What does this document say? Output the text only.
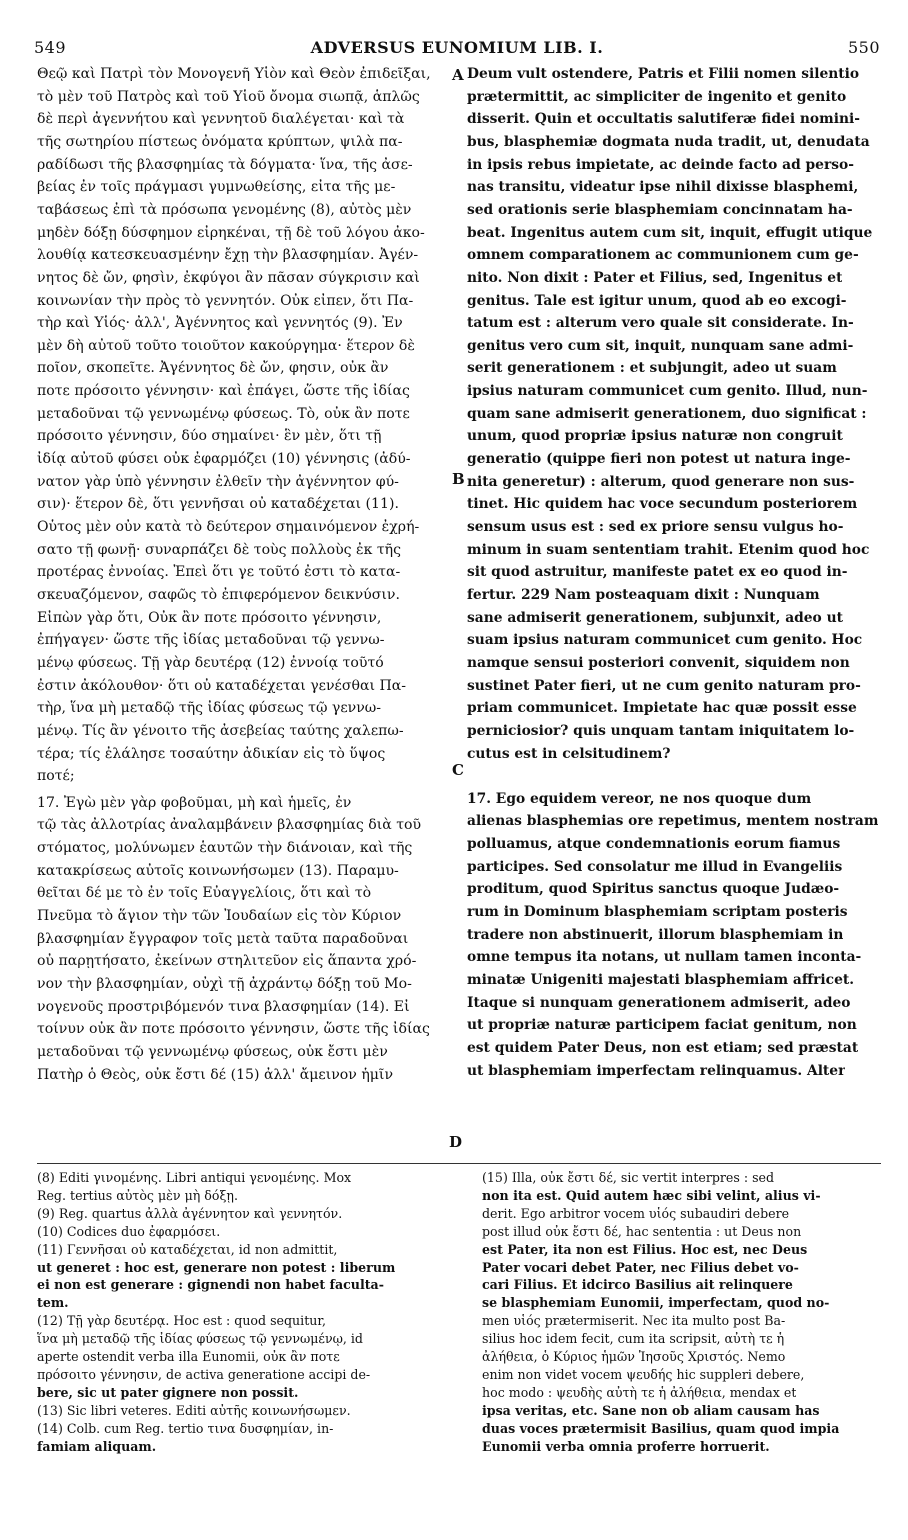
549	ADVERSUS EUNOMIUM LIB. I.	550
Θεῷ καὶ Πατρὶ τὸν Μονογενῆ Υἱὸν καὶ Θεὸν ἐπιδεῖξαι,
τὸ μὲν τοῦ Πατρὸς καὶ τοῦ Υἱοῦ ὄνομα σιωπᾷ, ἁπλῶς
δὲ περὶ ἀγεννήτου καὶ γεννητοῦ διαλέγεται· καὶ τὰ
τῆς σωτηρίου πίστεως ὀνόματα κρύπτων, ψιλὰ πα-
ραδίδωσι τῆς βλασφημίας τὰ δόγματα· ἵνα, τῆς ἀσε-
βείας ἐν τοῖς πράγμασι γυμνωθείσης, εἶτα τῆς με-
ταβάσεως ἐπὶ τὰ πρόσωπα γενομένης (8), αὐτὸς μὲν
μηδὲν δόξῃ δύσφημον εἰρηκέναι, τῇ δὲ τοῦ λόγου ἀκο-
λουθίᾳ κατεσκευασμένην ἔχῃ τὴν βλασφημίαν. Ἀγέν-
νητος δὲ ὤν, φησὶν, ἐκφύγοι ἂν πᾶσαν σύγκρισιν καὶ
κοινωνίαν τὴν πρὸς τὸ γεννητόν. Οὐκ εἶπεν, ὅτι Πα-
τὴρ καὶ Υἱός· ἀλλ', Ἀγέννητος καὶ γεννητός (9). Ἐν
μὲν δὴ αὐτοῦ τοῦτο τοιοῦτον κακούργημα· ἕτερον δὲ
ποῖον, σκοπεῖτε. Ἀγέννητος δὲ ὤν, φησιν, οὐκ ἂν
ποτε πρόσοιτο γέννησιν· καὶ ἐπάγει, ὥστε τῆς ἰδίας
μεταδοῦναι τῷ γεννωμένῳ φύσεως. Τὸ, οὐκ ἂν ποτε
πρόσοιτο γέννησιν, δύο σημαίνει· ἓν μὲν, ὅτι τῇ
ἰδίᾳ αὐτοῦ φύσει οὐκ ἐφαρμόζει (10) γέννησις (ἀδύ-
νατον γὰρ ὑπὸ γέννησιν ἐλθεῖν τὴν ἀγέννητον φύ-
σιν)· ἕτερον δὲ, ὅτι γεννῆσαι οὐ καταδέχεται (11).
Οὗτος μὲν οὖν κατὰ τὸ δεύτερον σημαινόμενον ἐχρή-
σατο τῇ φωνῇ· συναρπάζει δὲ τοὺς πολλοὺς ἐκ τῆς
προτέρας ἐννοίας. Ἐπεὶ ὅτι γε τοῦτό ἐστι τὸ κατα-
σκευαζόμενον, σαφῶς τὸ ἐπιφερόμενον δεικνύσιν.
Εἰπὼν γὰρ ὅτι, Οὐκ ἂν ποτε πρόσοιτο γέννησιν,
ἐπήγαγεν· ὥστε τῆς ἰδίας μεταδοῦναι τῷ γεννω-
μένῳ φύσεως. Τῇ γὰρ δευτέρᾳ (12) ἐννοίᾳ τοῦτό
ἐστιν ἀκόλουθον· ὅτι οὐ καταδέχεται γενέσθαι Πα-
τὴρ, ἵνα μὴ μεταδῷ τῆς ἰδίας φύσεως τῷ γεννω-
μένῳ. Τίς ἂν γένοιτο τῆς ἀσεβείας ταύτης χαλεπω-
τέρα; τίς ἐλάλησε τοσαύτην ἀδικίαν εἰς τὸ ὕψος
ποτέ;
17. Ἐγὼ μὲν γὰρ φοβοῦμαι, μὴ καὶ ἡμεῖς, ἐν
τῷ τὰς ἀλλοτρίας ἀναλαμβάνειν βλασφημίας διὰ τοῦ
στόματος, μολύνωμεν ἑαυτῶν τὴν διάνοιαν, καὶ τῆς
κατακρίσεως αὐτοῖς κοινωνήσωμεν (13). Παραμυ-
θεῖται δέ με τὸ ἐν τοῖς Εὐαγγελίοις, ὅτι καὶ τὸ
Πνεῦμα τὸ ἅγιον τὴν τῶν Ἰουδαίων εἰς τὸν Κύριον
βλασφημίαν ἔγγραφον τοῖς μετὰ ταῦτα παραδοῦναι
οὐ παρῃτήσατο, ἐκείνων στηλιτεῦον εἰς ἅπαντα χρό-
νον τὴν βλασφημίαν, οὐχὶ τῇ ἀχράντῳ δόξῃ τοῦ Μο-
νογενοῦς προστριβόμενόν τινα βλασφημίαν (14). Εἰ
τοίνυν οὐκ ἂν ποτε πρόσοιτο γέννησιν, ὥστε τῆς ἰδίας
μεταδοῦναι τῷ γεννωμένῳ φύσεως, οὐκ ἔστι μὲν
Πατὴρ ὁ Θεὸς, οὐκ ἔστι δέ (15) ἀλλ' ἄμεινον ἡμῖν
Deum vult ostendere, Patris et Filii nomen silentio
prætermittit, ac simpliciter de ingenito et genito
disserit. Quin et occultatis salutiferæ fidei nomini-
bus, blasphemiæ dogmata nuda tradit, ut, denudata
in ipsis rebus impietate, ac deinde facto ad perso-
nas transitu, videatur ipse nihil dixisse blasphemi,
sed orationis serie blasphemiam concinnatam ha-
beat. Ingenitus autem cum sit, inquit, effugit utique
omnem comparationem ac communionem cum ge-
nito. Non dixit : Pater et Filius, sed, Ingenitus et
genitus. Tale est igitur unum, quod ab eo excogi-
tatum est : alterum vero quale sit considerate. In-
genitus vero cum sit, inquit, nunquam sane admi-
serit generationem : et subjungit, adeo ut suam
ipsius naturam communicet cum genito. Illud, nun-
quam sane admiserit generationem, duo significat :
unum, quod propriæ ipsius naturæ non congruit
generatio (quippe fieri non potest ut natura inge-
nita generetur) : alterum, quod generare non sus-
tinet. Hic quidem hac voce secundum posteriorem
sensum usus est : sed ex priore sensu vulgus ho-
minum in suam sententiam trahit. Etenim quod hoc
sit quod astruitur, manifeste patet ex eo quod in-
fertur. 229 Nam posteaquam dixit : Nunquam
sane admiserit generationem, subjunxit, adeo ut
suam ipsius naturam communicet cum genito. Hoc
namque sensui posteriori convenit, siquidem non
sustinet Pater fieri, ut ne cum genito naturam pro-
priam communicet. Impietate hac quæ possit esse
perniciosior? quis unquam tantam iniquitatem lo-
cutus est in celsitudinem?
17. Ego equidem vereor, ne nos quoque dum
alienas blasphemias ore repetimus, mentem nostram
polluamus, atque condemnationis eorum fiamus
participes. Sed consolatur me illud in Evangeliis
proditum, quod Spiritus sanctus quoque Judæo-
rum in Dominum blasphemiam scriptam posteris
tradere non abstinuerit, illorum blasphemiam in
omne tempus ita notans, ut nullam tamen inconta-
minatæ Unigeniti majestati blasphemiam affricet.
Itaque si nunquam generationem admiserit, adeo
ut propriæ naturæ participem faciat genitum, non
est quidem Pater Deus, non est etiam; sed præstat
ut blasphemiam imperfectam relinquamus. Alter
A
B
C
D
(8) Editi γινομένης. Libri antiqui γενομένης. Mox
Reg. tertius αὐτὸς μὲν μὴ δόξῃ.
(9) Reg. quartus ἀλλὰ ἀγέννητον καὶ γεννητόν.
(10) Codices duo ἐφαρμόσει.
(11) Γεννῆσαι οὐ καταδέχεται, id non admittit,
ut generet : hoc est, generare non potest : liberum
ei non est generare : gignendi non habet faculta-
tem.
(12) Τῇ γὰρ δευτέρᾳ. Hoc est : quod sequitur,
ἵνα μὴ μεταδῷ τῆς ἰδίας φύσεως τῷ γεννωμένῳ, id
aperte ostendit verba illa Eunomii, οὐκ ἂν ποτε
πρόσοιτο γέννησιν, de activa generatione accipi de-
bere, sic ut pater gignere non possit.
(13) Sic libri veteres. Editi αὐτῆς κοινωνήσωμεν.
(14) Colb. cum Reg. tertio τινα δυσφημίαν, in-
famiam aliquam.
(15) Illa, οὐκ ἔστι δέ, sic vertit interpres : sed
non ita est. Quid autem hæc sibi velint, alius vi-
derit. Ego arbitror vocem υἱός subaudiri debere
post illud οὐκ ἔστι δέ, hac sententia : ut Deus non
est Pater, ita non est Filius. Hoc est, nec Deus
Pater vocari debet Pater, nec Filius debet vo-
cari Filius. Et idcirco Basilius ait relinquere
se blasphemiam Eunomii, imperfectam, quod no-
men υἱός prætermiserit. Nec ita multo post Ba-
silius hoc idem fecit, cum ita scripsit, αὐτὴ τε ἡ
ἀλήθεια, ὁ Κύριος ἡμῶν Ἰησοῦς Χριστός. Nemo
enim non videt vocem ψευδής hic suppleri debere,
hoc modo : ψευδὴς αὐτὴ τε ἡ ἀλήθεια, mendax et
ipsa veritas, etc. Sane non ob aliam causam has
duas voces prætermisit Basilius, quam quod impia
Eunomii verba omnia proferre horruerit.
